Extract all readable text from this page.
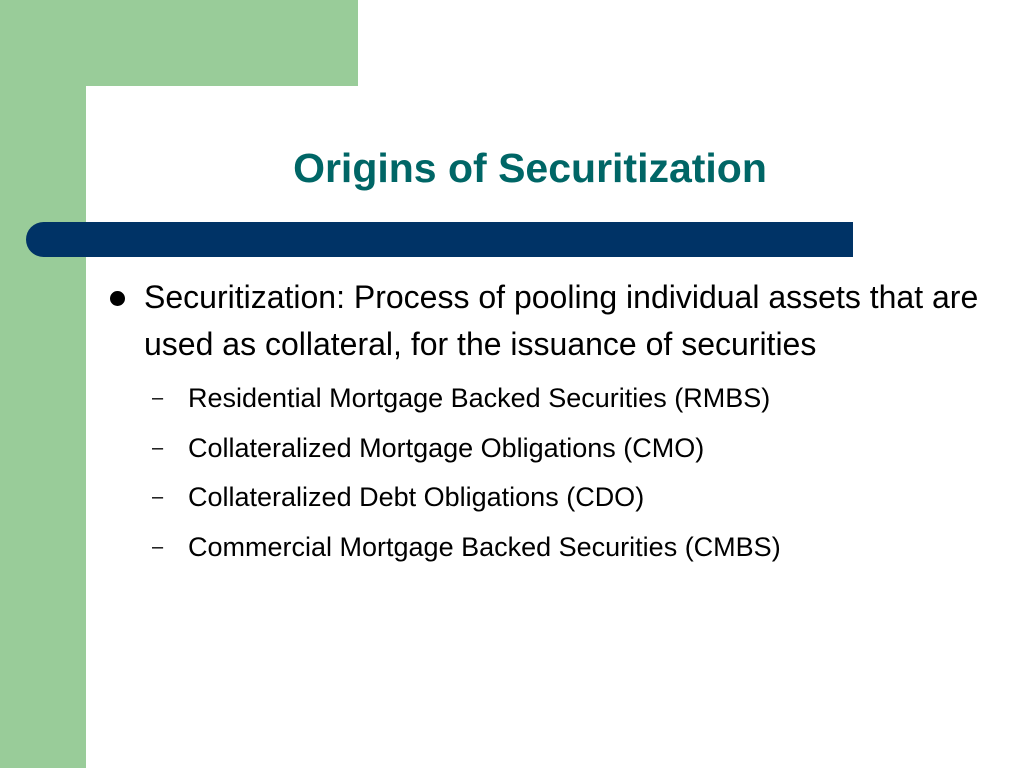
Origins of Securitization
Securitization: Process of pooling individual assets that are used as collateral, for the issuance of securities
– Residential Mortgage Backed Securities (RMBS)
– Collateralized Mortgage Obligations (CMO)
– Collateralized Debt Obligations (CDO)
– Commercial Mortgage Backed Securities (CMBS)
